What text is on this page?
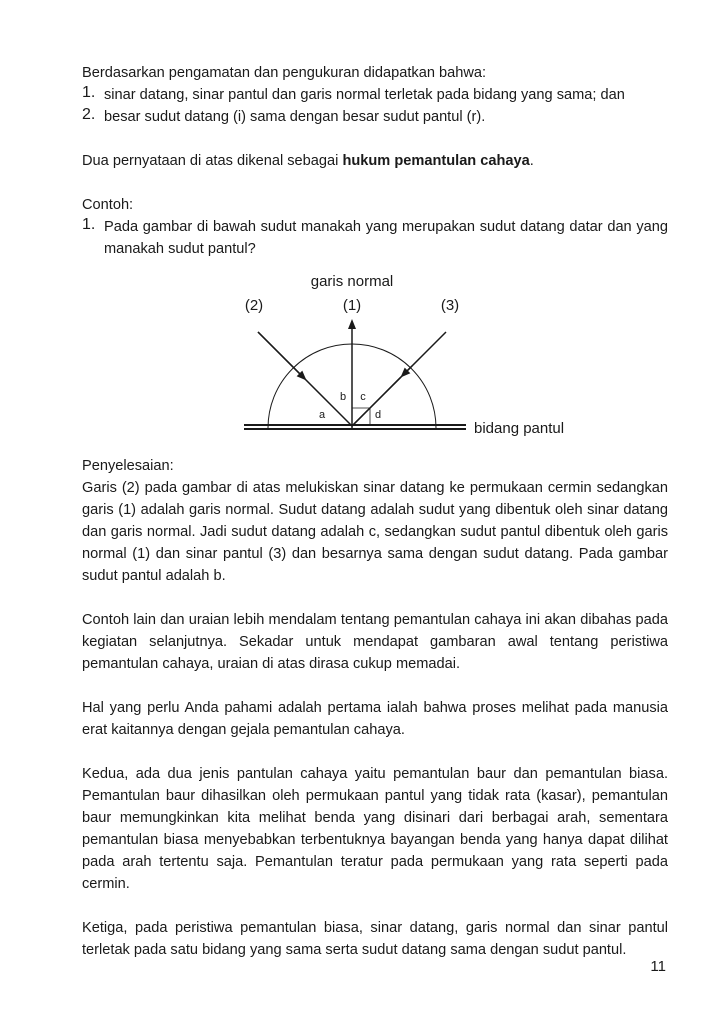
Berdasarkan pengamatan dan pengukuran didapatkan bahwa:

1. sinar datang, sinar pantul dan garis normal terletak pada bidang yang sama; dan

2. besar sudut datang (i) sama dengan besar sudut pantul (r).

Dua pernyataan di atas dikenal sebagai hukum pemantulan cahaya.

Contoh:

1. Pada gambar di bawah sudut manakah yang merupakan sudut datang datar dan yang manakah sudut pantul?

garis normal
(2)	(1)	(3)
b c
a	d
bidang pantul

Penyelesaian:

Garis (2) pada gambar di atas melukiskan sinar datang ke permukaan cermin sedangkan garis (1) adalah garis normal. Sudut datang adalah sudut yang dibentuk oleh sinar datang dan garis normal. Jadi sudut datang adalah c, sedangkan sudut pantul dibentuk oleh garis normal (1) dan sinar pantul (3) dan besarnya sama dengan sudut datang. Pada gambar sudut pantul adalah b.

Contoh lain dan uraian lebih mendalam tentang pemantulan cahaya ini akan dibahas pada kegiatan selanjutnya. Sekadar untuk mendapat gambaran awal tentang peristiwa pemantulan cahaya, uraian di atas dirasa cukup memadai.

Hal yang perlu Anda pahami adalah pertama ialah bahwa proses melihat pada manusia erat kaitannya dengan gejala pemantulan cahaya.

Kedua, ada dua jenis pantulan cahaya yaitu pemantulan baur dan pemantulan biasa. Pemantulan baur dihasilkan oleh permukaan pantul yang tidak rata (kasar), pemantulan baur memungkinkan kita melihat benda yang disinari dari berbagai arah, sementara pemantulan biasa menyebabkan terbentuknya bayangan benda yang hanya dapat dilihat pada arah tertentu saja. Pemantulan teratur pada permukaan yang rata seperti pada cermin.

Ketiga, pada peristiwa pemantulan biasa, sinar datang, garis normal dan sinar pantul terletak pada satu bidang yang sama serta sudut datang sama dengan sudut pantul.

11
